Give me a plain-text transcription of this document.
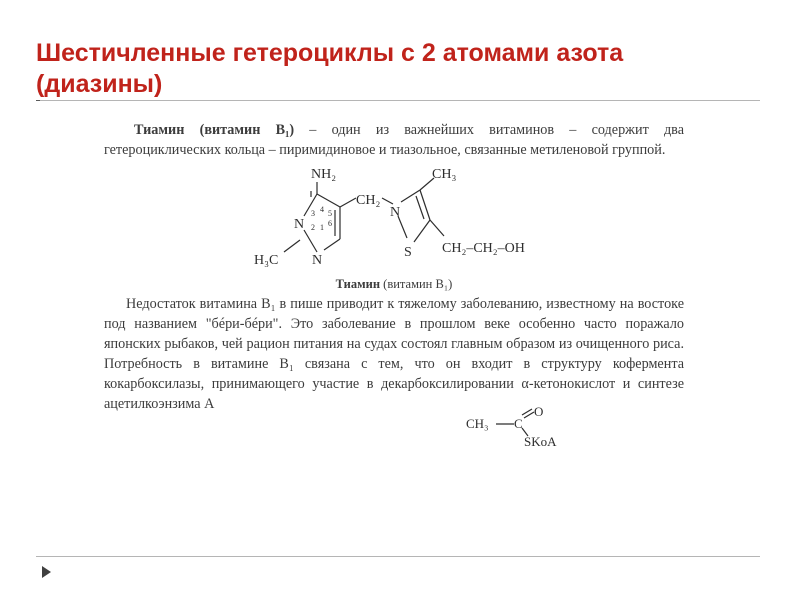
Шестичленные гетероциклы с 2 атомами азота
(диазины)

Тиамин (витамин B₁) – один из важнейших витаминов – содержит два гетероциклических кольца – пиримидиновое и тиазольное, связанные метиленовой группой.

NH₂
N
N
H₃C
CH₂
N
S
CH₃
CH₂–CH₂–OH
3 4 5
6
2 1

Тиамин (витамин B₁)

Недостаток витамина B₁ в пише приводит к тяжелому заболеванию, известному на востоке под названием "бéри-бéри". Это заболевание в прошлом веке особенно часто поражало японских рыбаков, чей рацион питания на судах состоял главным образом из очищенного риса. Потребность в витамине B₁ связана с тем, что он входит в структуру кофермента кокарбоксилазы, принимающего участие в декарбоксилировании α-кетонокислот и синтезе ацетилкоэнзима А

CH₃ C
O
SKoA
